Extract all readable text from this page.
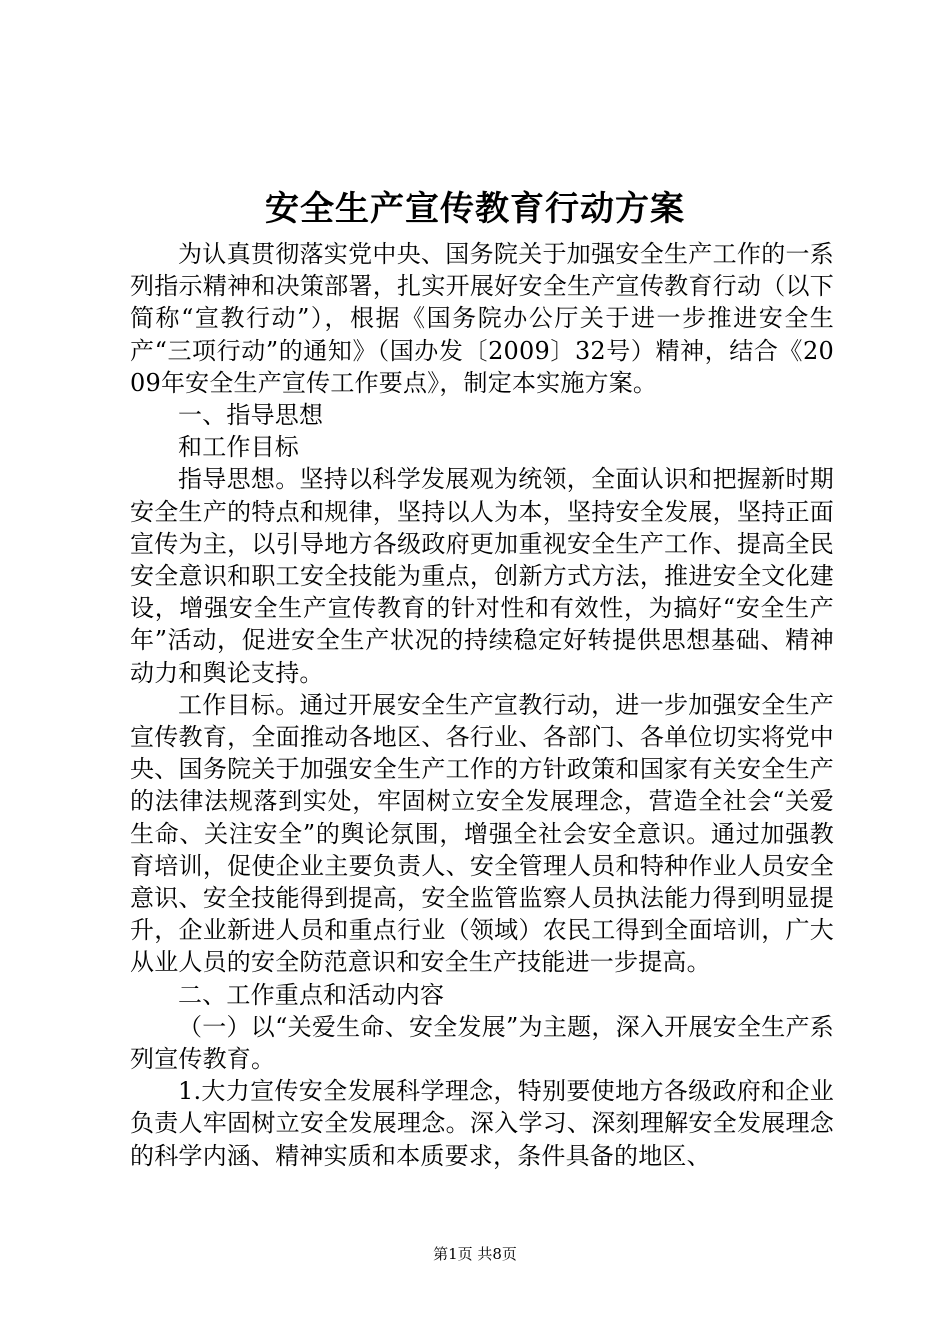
安全生产宣传教育行动方案

为认真贯彻落实党中央、国务院关于加强安全生产工作的一系列指示精神和决策部署，扎实开展好安全生产宣传教育行动（以下简称“宣教行动”），根据《国务院办公厅关于进一步推进安全生产“三项行动”的通知》（国办发〔2009〕32号）精神，结合《2009年安全生产宣传工作要点》，制定本实施方案。

一、指导思想

和工作目标

指导思想。坚持以科学发展观为统领，全面认识和把握新时期安全生产的特点和规律，坚持以人为本，坚持安全发展，坚持正面宣传为主，以引导地方各级政府更加重视安全生产工作、提高全民安全意识和职工安全技能为重点，创新方式方法，推进安全文化建设，增强安全生产宣传教育的针对性和有效性，为搞好“安全生产年”活动，促进安全生产状况的持续稳定好转提供思想基础、精神动力和舆论支持。

工作目标。通过开展安全生产宣教行动，进一步加强安全生产宣传教育，全面推动各地区、各行业、各部门、各单位切实将党中央、国务院关于加强安全生产工作的方针政策和国家有关安全生产的法律法规落到实处，牢固树立安全发展理念，营造全社会“关爱生命、关注安全”的舆论氛围，增强全社会安全意识。通过加强教育培训，促使企业主要负责人、安全管理人员和特种作业人员安全意识、安全技能得到提高，安全监管监察人员执法能力得到明显提升，企业新进人员和重点行业（领域）农民工得到全面培训，广大从业人员的安全防范意识和安全生产技能进一步提高。

二、工作重点和活动内容

（一）以“关爱生命、安全发展”为主题，深入开展安全生产系列宣传教育。

1.大力宣传安全发展科学理念，特别要使地方各级政府和企业负责人牢固树立安全发展理念。深入学习、深刻理解安全发展理念的科学内涵、精神实质和本质要求，条件具备的地区、

第1页 共8页
